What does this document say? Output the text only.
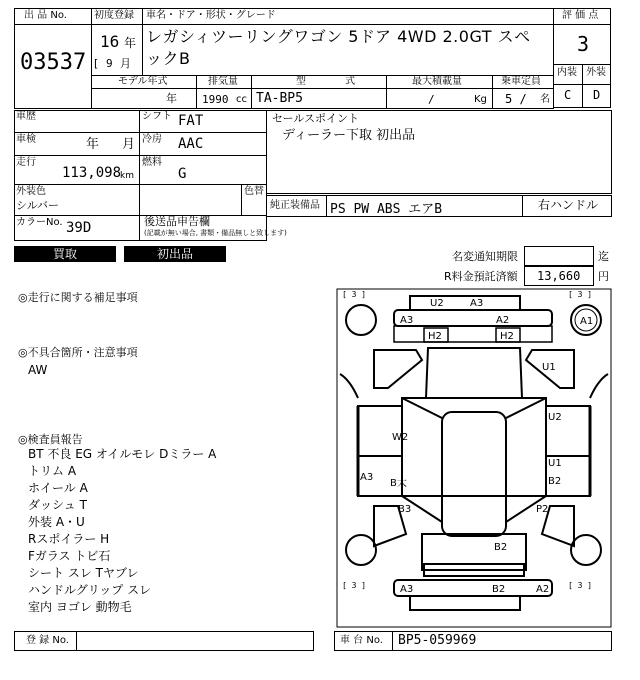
出 品 No.
03537
初度登録
16 年
[ 9 月
車名・ドア・形状・グレード
レガシィツーリングワゴン 5ドア 4WD 2.0GT スペックB
評 価 点
3
内装 外装
C D
モデル年式	排気量	型 式	最大積載量	乗車定員
年 1990 cc TA-BP5	/	Kg 5 / 名
車歴	シフト FAT
車検	年 月 冷房 AAC
走行
113,098
km
燃料
G
外装色
シルバー
色替
カラーNo. 39D	後送品申告欄
(記載が無い場合, 書類・備品無しと致します)
セールスポイント
ディーラー下取 初出品
純正装備品 PS PW ABS エアB	右ハンドル
買取	初出品	名変通知期限	迄
R料金預託済額 13,660 円
◎走行に関する補足事項
◎不具合箇所・注意事項
AW
◎検査員報告
BT 不良 EG オイルモレ Dミラー A
トリム A
ホイール A
ダッシュ T
外装 A・U
Rスポイラー H
Fガラス トビ石
シート スレ Tヤブレ
ハンドルグリップ スレ
室内 ヨゴレ 動物毛
[ 3 ]	[ 3 ]
[ 3 ]	[ 3 ]
U2	A3
A3	A2	A1
H2	H2
U1
U2
W2
U1
B2
A3
B大
B3	P2
B2
B2
A3	A2
登 録 No.	車 台 No. BP5-059969
